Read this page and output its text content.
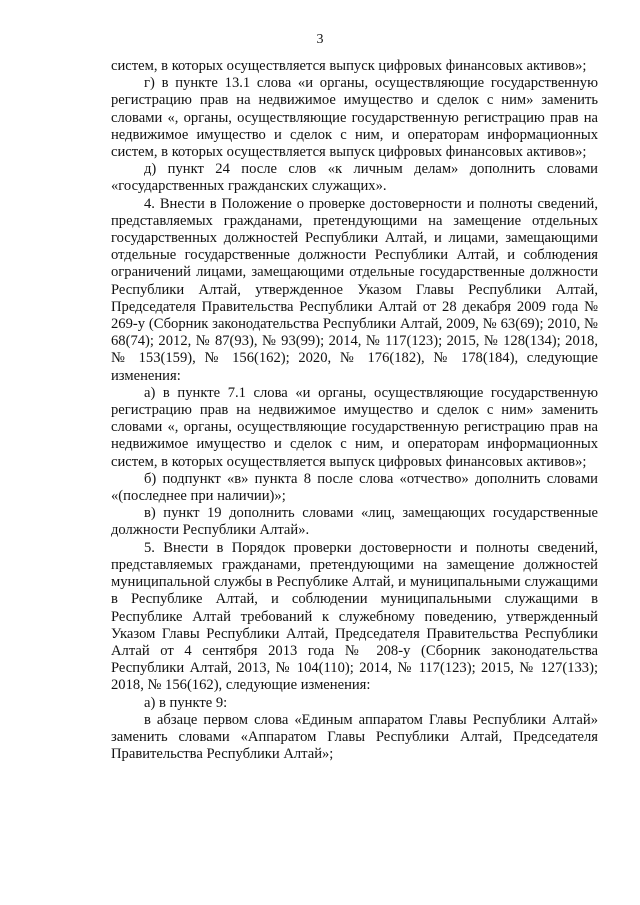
3

систем, в которых осуществляется выпуск цифровых финансовых активов»;

г) в пункте 13.1 слова «и органы, осуществляющие государственную регистрацию прав на недвижимое имущество и сделок с ним» заменить словами «, органы, осуществляющие государственную регистрацию прав на недвижимое имущество и сделок с ним, и операторам информационных систем, в которых осуществляется выпуск цифровых финансовых активов»;

д) пункт 24 после слов «к личным делам» дополнить словами «государственных гражданских служащих».

4. Внести в Положение о проверке достоверности и полноты сведений, представляемых гражданами, претендующими на замещение отдельных государственных должностей Республики Алтай, и лицами, замещающими отдельные государственные должности Республики Алтай, и соблюдения ограничений лицами, замещающими отдельные государственные должности Республики Алтай, утвержденное Указом Главы Республики Алтай, Председателя Правительства Республики Алтай от 28 декабря 2009 года № 269-у (Сборник законодательства Республики Алтай, 2009, № 63(69); 2010, № 68(74); 2012, № 87(93), № 93(99); 2014, № 117(123); 2015, № 128(134); 2018, № 153(159), № 156(162); 2020, № 176(182), № 178(184), следующие изменения:

а) в пункте 7.1 слова «и органы, осуществляющие государственную регистрацию прав на недвижимое имущество и сделок с ним» заменить словами «, органы, осуществляющие государственную регистрацию прав на недвижимое имущество и сделок с ним, и операторам информационных систем, в которых осуществляется выпуск цифровых финансовых активов»;

б) подпункт «в» пункта 8 после слова «отчество» дополнить словами «(последнее при наличии)»;

в) пункт 19 дополнить словами «лиц, замещающих государственные должности Республики Алтай».

5. Внести в Порядок проверки достоверности и полноты сведений, представляемых гражданами, претендующими на замещение должностей муниципальной службы в Республике Алтай, и муниципальными служащими в Республике Алтай, и соблюдении муниципальными служащими в Республике Алтай требований к служебному поведению, утвержденный Указом Главы Республики Алтай, Председателя Правительства Республики Алтай от 4 сентября 2013 года № 208-у (Сборник законодательства Республики Алтай, 2013, № 104(110); 2014, № 117(123); 2015, № 127(133); 2018, № 156(162), следующие изменения:

а) в пункте 9:

в абзаце первом слова «Единым аппаратом Главы Республики Алтай» заменить словами «Аппаратом Главы Республики Алтай, Председателя Правительства Республики Алтай»;
